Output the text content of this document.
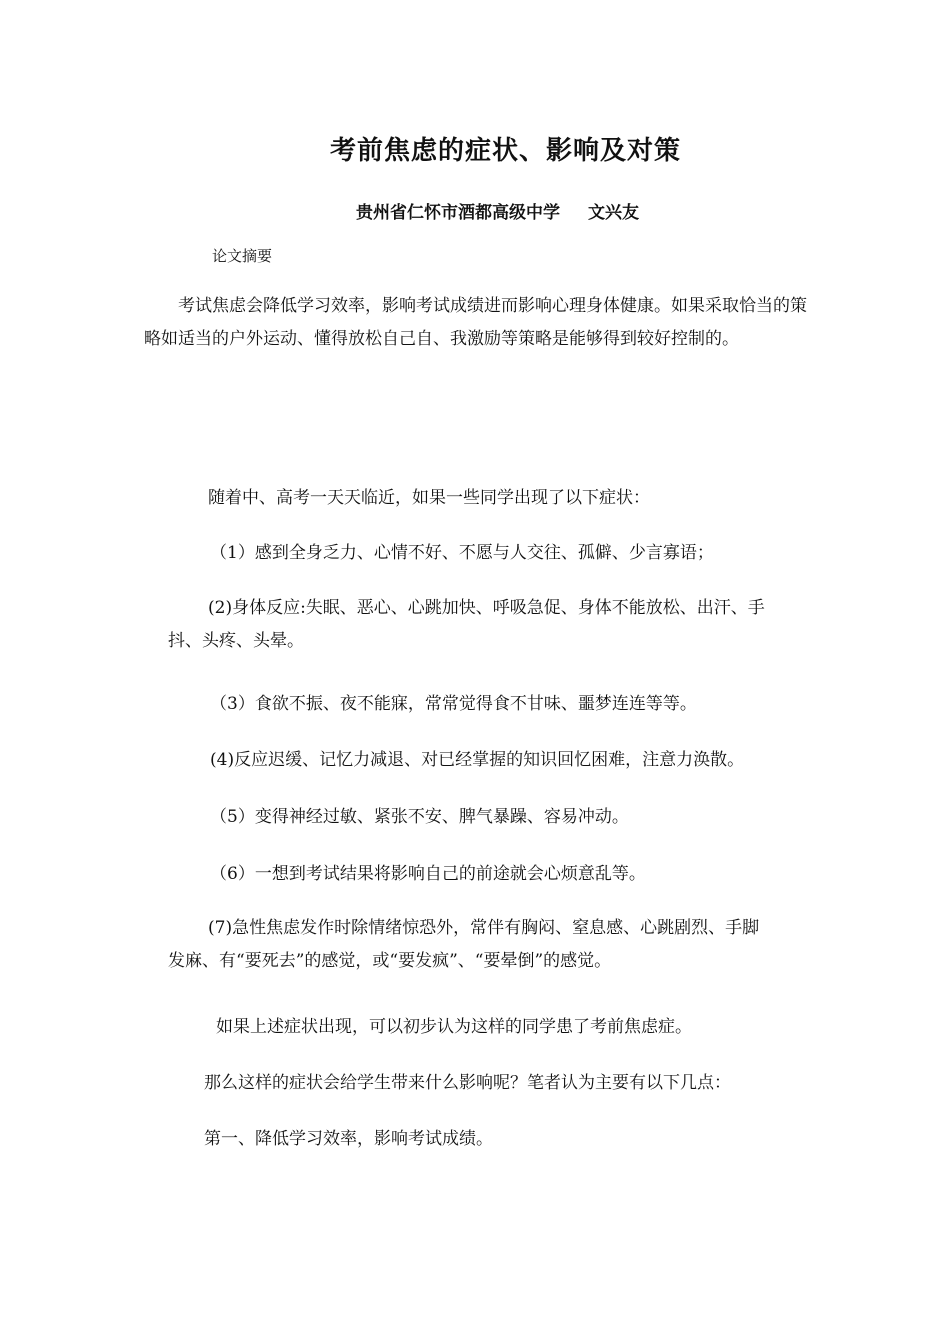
考前焦虑的症状、影响及对策
贵州省仁怀市酒都高级中学 文兴友
论文摘要

考试焦虑会降低学习效率，影响考试成绩进而影响心理身体健康。如果采取恰当的策略如适当的户外运动、懂得放松自己自、我激励等策略是能够得到较好控制的。

随着中、高考一天天临近，如果一些同学出现了以下症状：

（1）感到全身乏力、心情不好、不愿与人交往、孤僻、少言寡语；

(2)身体反应:失眠、恶心、心跳加快、呼吸急促、身体不能放松、出汗、手
抖、头疼、头晕。

（3）食欲不振、夜不能寐，常常觉得食不甘味、噩梦连连等等。

(4)反应迟缓、记忆力减退、对已经掌握的知识回忆困难，注意力涣散。

（5）变得神经过敏、紧张不安、脾气暴躁、容易冲动。

（6）一想到考试结果将影响自己的前途就会心烦意乱等。

(7)急性焦虑发作时除情绪惊恐外，常伴有胸闷、窒息感、心跳剧烈、手脚
发麻、有“要死去”的感觉，或“要发疯”、“要晕倒”的感觉。

如果上述症状出现，可以初步认为这样的同学患了考前焦虑症。

那么这样的症状会给学生带来什么影响呢？笔者认为主要有以下几点：

第一、降低学习效率，影响考试成绩。
